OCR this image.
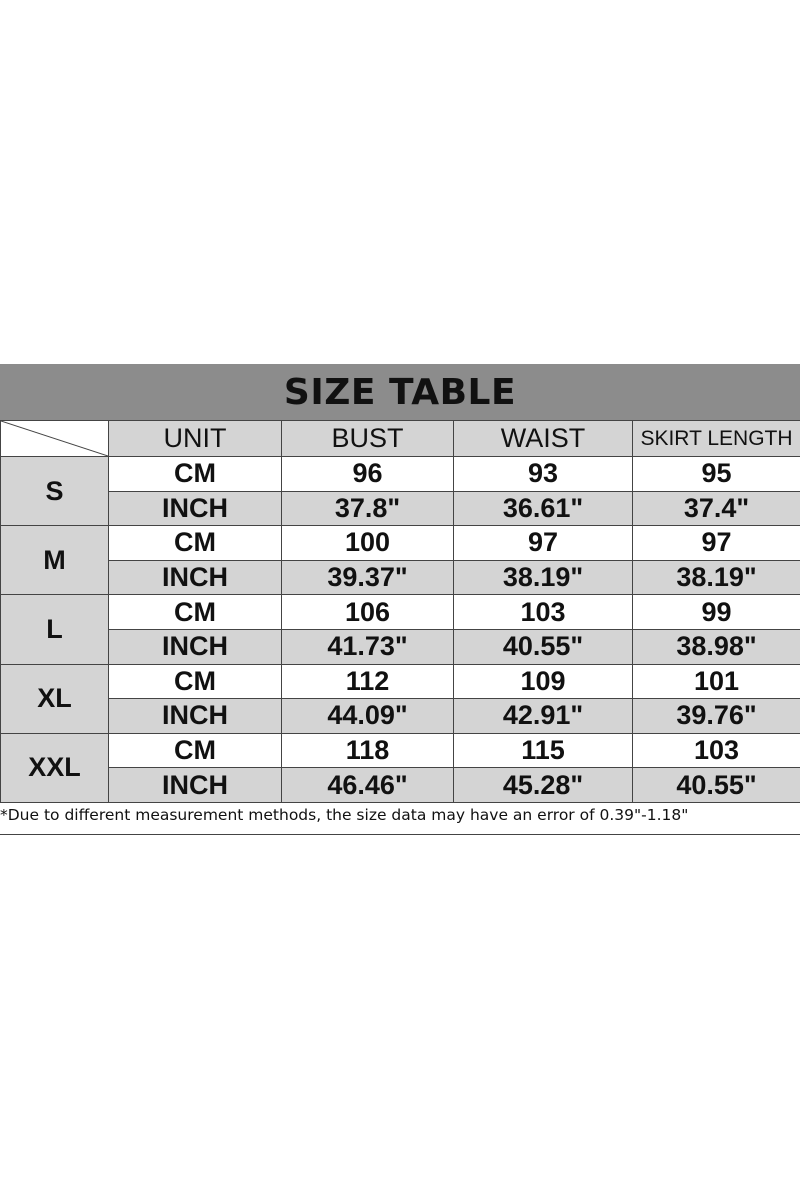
SIZE TABLE
	UNIT	BUST	WAIST	SKIRT LENGTH
S	CM	96	93	95
	INCH	37.8"	36.61"	37.4"
M	CM	100	97	97
	INCH	39.37"	38.19"	38.19"
L	CM	106	103	99
	INCH	41.73"	40.55"	38.98"
XL	CM	112	109	101
	INCH	44.09"	42.91"	39.76"
XXL	CM	118	115	103
	INCH	46.46"	45.28"	40.55"
*Due to different measurement methods, the size data may have an error of 0.39"-1.18"
